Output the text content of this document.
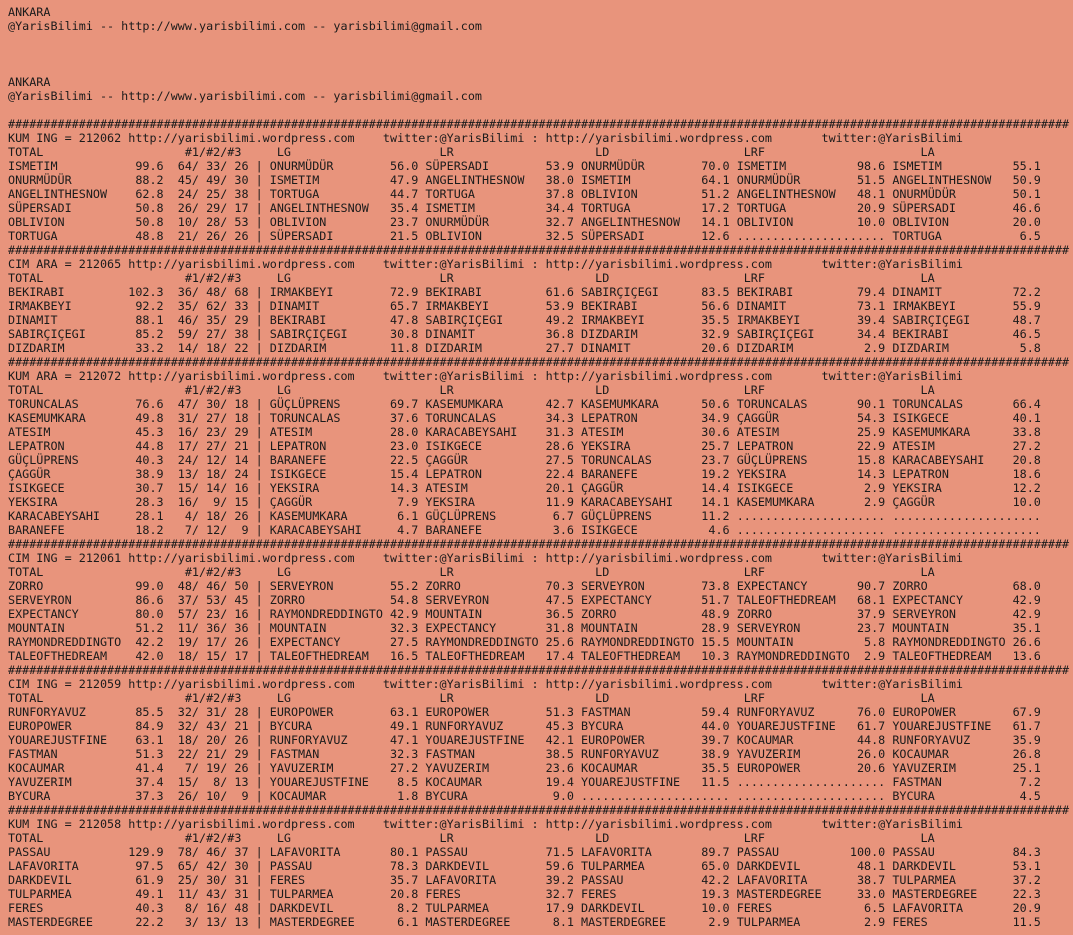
ANKARA
@YarisBilimi -- http://www.yarisbilimi.com -- yarisbilimi@gmail.com
ANKARA
@YarisBilimi -- http://www.yarisbilimi.com -- yarisbilimi@gmail.com
######################################################################################################################################################
KUM ING = 212062 http://yarisbilimi.wordpress.com    twitter:@YarisBilimi : http://yarisbilimi.wordpress.com       twitter:@YarisBilimi
TOTAL                    #1/#2/#3     LG                     LR                    LD                   LRF                      LA
ISMETIM           99.6  64/ 33/ 26 | ONURMÜDÜR        56.0 SÜPERSADI        53.9 ONURMÜDÜR        70.0 ISMETIM          98.6 ISMETIM          55.1
ONURMÜDÜR         88.2  45/ 49/ 30 | ISMETIM          47.9 ANGELINTHESNOW   38.0 ISMETIM          64.1 ONURMÜDÜR        51.5 ANGELINTHESNOW   50.9
ANGELINTHESNOW    62.8  24/ 25/ 38 | TORTUGA          44.7 TORTUGA          37.8 OBLIVION         51.2 ANGELINTHESNOW   48.1 ONURMÜDÜR        50.1
SÜPERSADI         50.8  26/ 29/ 17 | ANGELINTHESNOW   35.4 ISMETIM          34.4 TORTUGA          17.2 TORTUGA          20.9 SÜPERSADI        46.6
OBLIVION          50.8  10/ 28/ 53 | OBLIVION         23.7 ONURMÜDÜR        32.7 ANGELINTHESNOW   14.1 OBLIVION         10.0 OBLIVION         20.0
TORTUGA           48.8  21/ 26/ 26 | SÜPERSADI        21.5 OBLIVION         32.5 SÜPERSADI        12.6 ..................... TORTUGA           6.5
######################################################################################################################################################
CIM ARA = 212065 http://yarisbilimi.wordpress.com    twitter:@YarisBilimi : http://yarisbilimi.wordpress.com       twitter:@YarisBilimi
TOTAL                    #1/#2/#3     LG                     LR                    LD                   LRF                      LA
BEKIRABI         102.3  36/ 48/ 68 | IRMAKBEYI        72.9 BEKIRABI         61.6 SABIRÇIÇEGI      83.5 BEKIRABI         79.4 DINAMIT          72.2
IRMAKBEYI         92.2  35/ 62/ 33 | DINAMIT          65.7 IRMAKBEYI        53.9 BEKIRABI         56.6 DINAMIT          73.1 IRMAKBEYI        55.9
DINAMIT           88.1  46/ 35/ 29 | BEKIRABI         47.8 SABIRÇIÇEGI      49.2 IRMAKBEYI        35.5 IRMAKBEYI        39.4 SABIRÇIÇEGI      48.7
SABIRÇIÇEGI       85.2  59/ 27/ 38 | SABIRÇIÇEGI      30.8 DINAMIT          36.8 DIZDARIM         32.9 SABIRÇIÇEGI      34.4 BEKIRABI         46.5
DIZDARIM          33.2  14/ 18/ 22 | DIZDARIM         11.8 DIZDARIM         27.7 DINAMIT          20.6 DIZDARIM          2.9 DIZDARIM          5.8
######################################################################################################################################################
KUM ARA = 212072 http://yarisbilimi.wordpress.com    twitter:@YarisBilimi : http://yarisbilimi.wordpress.com       twitter:@YarisBilimi
TOTAL                    #1/#2/#3     LG                     LR                    LD                   LRF                      LA
TORUNCALAS        76.6  47/ 30/ 18 | GÜÇLÜPRENS       69.7 KASEMUMKARA      42.7 KASEMUMKARA      50.6 TORUNCALAS       90.1 TORUNCALAS       66.4
KASEMUMKARA       49.8  31/ 27/ 18 | TORUNCALAS       37.6 TORUNCALAS       34.3 LEPATRON         34.9 ÇAGGÜR           54.3 ISIKGECE         40.1
ATESIM            45.3  16/ 23/ 29 | ATESIM           28.0 KARACABEYSAHI    31.3 ATESIM           30.6 ATESIM           25.9 KASEMUMKARA      33.8
LEPATRON          44.8  17/ 27/ 21 | LEPATRON         23.0 ISIKGECE         28.6 YEKSIRA          25.7 LEPATRON         22.9 ATESIM           27.2
GÜÇLÜPRENS        40.3  24/ 12/ 14 | BARANEFE         22.5 ÇAGGÜR           27.5 TORUNCALAS       23.7 GÜÇLÜPRENS       15.8 KARACABEYSAHI    20.8
ÇAGGÜR            38.9  13/ 18/ 24 | ISIKGECE         15.4 LEPATRON         22.4 BARANEFE         19.2 YEKSIRA          14.3 LEPATRON         18.6
ISIKGECE          30.7  15/ 14/ 16 | YEKSIRA          14.3 ATESIM           20.1 ÇAGGÜR           14.4 ISIKGECE          2.9 YEKSIRA          12.2
YEKSIRA           28.3  16/  9/ 15 | ÇAGGÜR            7.9 YEKSIRA          11.9 KARACABEYSAHI    14.1 KASEMUMKARA       2.9 ÇAGGÜR           10.0
KARACABEYSAHI     28.1   4/ 18/ 26 | KASEMUMKARA       6.1 GÜÇLÜPRENS        6.7 GÜÇLÜPRENS       11.2 ..................... .....................
BARANEFE          18.2   7/ 12/  9 | KARACABEYSAHI     4.7 BARANEFE          3.6 ISIKGECE          4.6 ..................... .....................
######################################################################################################################################################
CIM ING = 212061 http://yarisbilimi.wordpress.com    twitter:@YarisBilimi : http://yarisbilimi.wordpress.com       twitter:@YarisBilimi
TOTAL                    #1/#2/#3     LG                     LR                    LD                   LRF                      LA
ZORRO             99.0  48/ 46/ 50 | SERVEYRON        55.2 ZORRO            70.3 SERVEYRON        73.8 EXPECTANCY       90.7 ZORRO            68.0
SERVEYRON         86.6  37/ 53/ 45 | ZORRO            54.8 SERVEYRON        47.5 EXPECTANCY       51.7 TALEOFTHEDREAM   68.1 EXPECTANCY       42.9
EXPECTANCY        80.0  57/ 23/ 16 | RAYMONDREDDINGTO 42.9 MOUNTAIN         36.5 ZORRO            48.9 ZORRO            37.9 SERVEYRON        42.9
MOUNTAIN          51.2  11/ 36/ 36 | MOUNTAIN         32.3 EXPECTANCY       31.8 MOUNTAIN         28.9 SERVEYRON        23.7 MOUNTAIN         35.1
RAYMONDREDDINGTO  42.2  19/ 17/ 26 | EXPECTANCY       27.5 RAYMONDREDDINGTO 25.6 RAYMONDREDDINGTO 15.5 MOUNTAIN          5.8 RAYMONDREDDINGTO 26.6
TALEOFTHEDREAM    42.0  18/ 15/ 17 | TALEOFTHEDREAM   16.5 TALEOFTHEDREAM   17.4 TALEOFTHEDREAM   10.3 RAYMONDREDDINGTO  2.9 TALEOFTHEDREAM   13.6
######################################################################################################################################################
CIM ING = 212059 http://yarisbilimi.wordpress.com    twitter:@YarisBilimi : http://yarisbilimi.wordpress.com       twitter:@YarisBilimi
TOTAL                    #1/#2/#3     LG                     LR                    LD                   LRF                      LA
RUNFORYAVUZ       85.5  32/ 31/ 28 | EUROPOWER        63.1 EUROPOWER        51.3 FASTMAN          59.4 RUNFORYAVUZ      76.0 EUROPOWER        67.9
EUROPOWER         84.9  32/ 43/ 21 | BYCURA           49.1 RUNFORYAVUZ      45.3 BYCURA           44.0 YOUAREJUSTFINE   61.7 YOUAREJUSTFINE   61.7
YOUAREJUSTFINE    63.1  18/ 20/ 26 | RUNFORYAVUZ      47.1 YOUAREJUSTFINE   42.1 EUROPOWER        39.7 KOCAUMAR         44.8 RUNFORYAVUZ      35.9
FASTMAN           51.3  22/ 21/ 29 | FASTMAN          32.3 FASTMAN          38.5 RUNFORYAVUZ      38.9 YAVUZERIM        26.0 KOCAUMAR         26.8
KOCAUMAR          41.4   7/ 19/ 26 | YAVUZERIM        27.2 YAVUZERIM        23.6 KOCAUMAR         35.5 EUROPOWER        20.6 YAVUZERIM        25.1
YAVUZERIM         37.4  15/  8/ 13 | YOUAREJUSTFINE    8.5 KOCAUMAR         19.4 YOUAREJUSTFINE   11.5 ..................... FASTMAN           7.2
BYCURA            37.3  26/ 10/  9 | KOCAUMAR          1.8 BYCURA            9.0 ..................... ..................... BYCURA            4.5
######################################################################################################################################################
KUM ING = 212058 http://yarisbilimi.wordpress.com    twitter:@YarisBilimi : http://yarisbilimi.wordpress.com       twitter:@YarisBilimi
TOTAL                    #1/#2/#3     LG                     LR                    LD                   LRF                      LA
PASSAU           129.9  78/ 46/ 37 | LAFAVORITA       80.1 PASSAU           71.5 LAFAVORITA       89.7 PASSAU          100.0 PASSAU           84.3
LAFAVORITA        97.5  65/ 42/ 30 | PASSAU           78.3 DARKDEVIL        59.6 TULPARMEA        65.0 DARKDEVIL        48.1 DARKDEVIL        53.1
DARKDEVIL         61.9  25/ 30/ 31 | FERES            35.7 LAFAVORITA       39.2 PASSAU           42.2 LAFAVORITA       38.7 TULPARMEA        37.2
TULPARMEA         49.1  11/ 43/ 31 | TULPARMEA        20.8 FERES            32.7 FERES            19.3 MASTERDEGREE     33.0 MASTERDEGREE     22.3
FERES             40.3   8/ 16/ 48 | DARKDEVIL         8.2 TULPARMEA        17.9 DARKDEVIL        10.0 FERES             6.5 LAFAVORITA       20.9
MASTERDEGREE      22.2   3/ 13/ 13 | MASTERDEGREE      6.1 MASTERDEGREE      8.1 MASTERDEGREE      2.9 TULPARMEA         2.9 FERES            11.5
